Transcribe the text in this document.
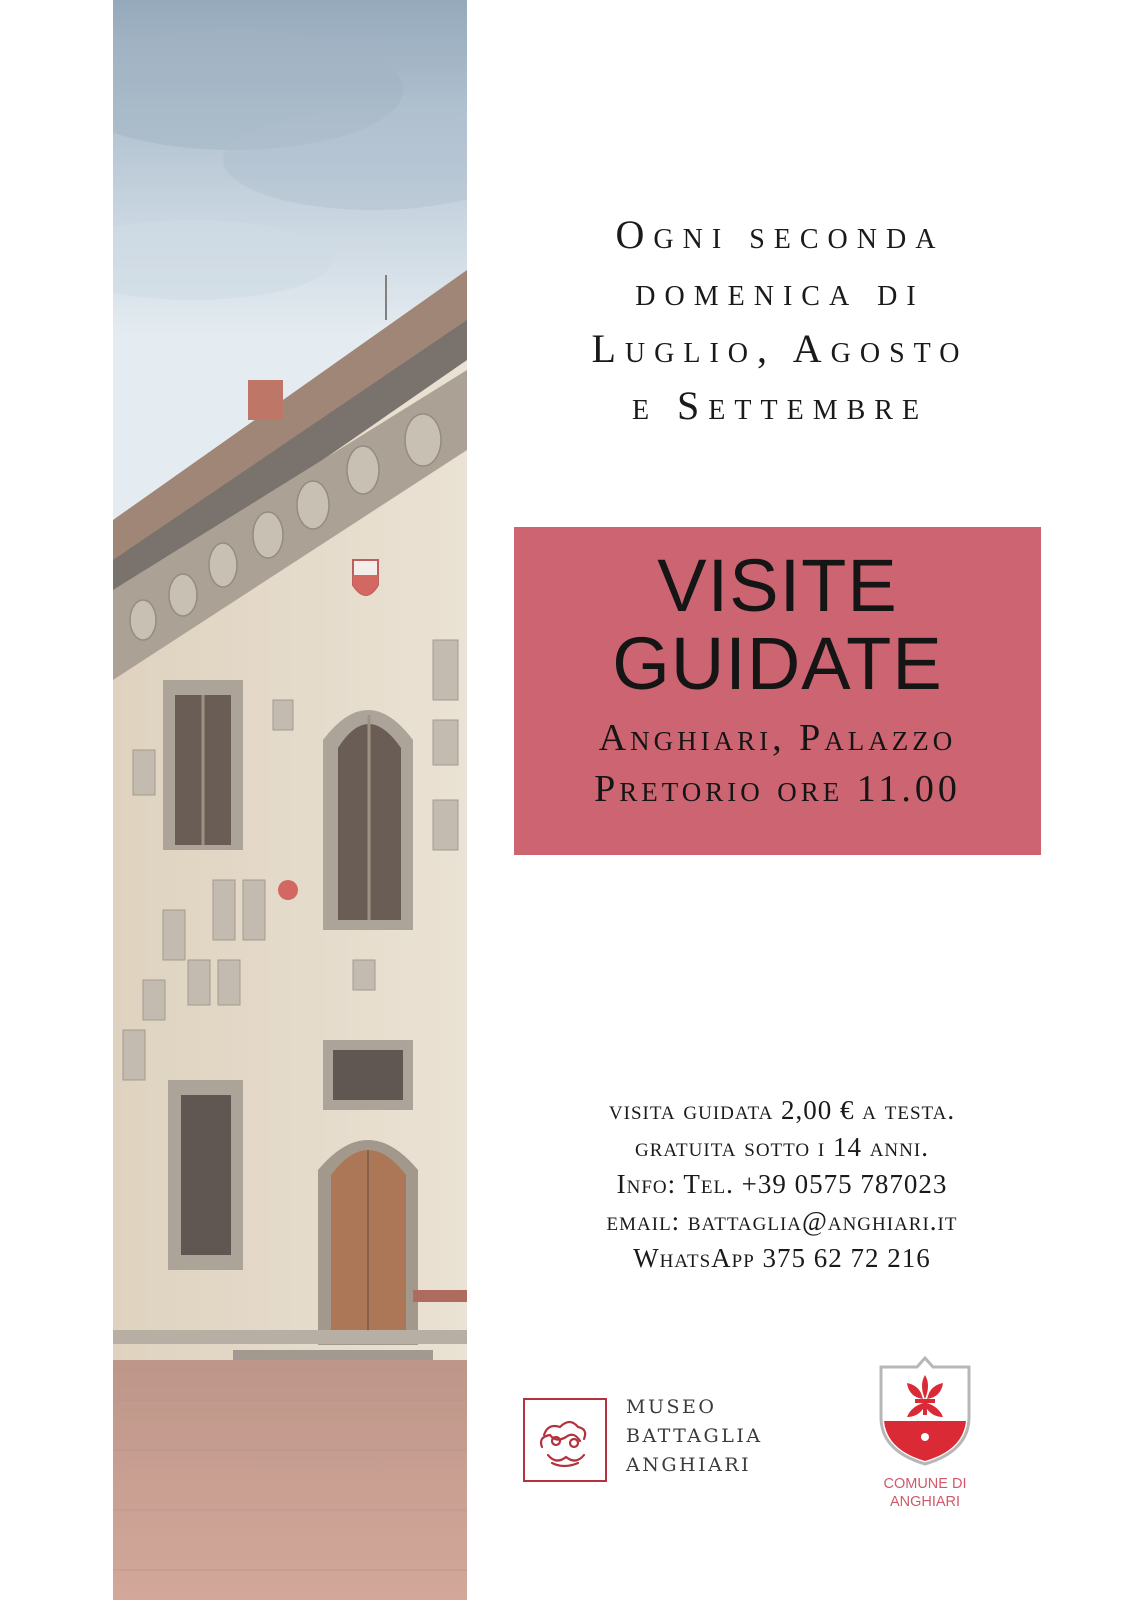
Ogni seconda
domenica di
Luglio, Agosto
e Settembre
VISITE
GUIDATE
Anghiari, Palazzo
Pretorio ore 11.00
visita guidata 2,00 € a testa.
gratuita sotto i 14 anni.
Info: Tel. +39 0575 787023
email: battaglia@anghiari.it
WhatsApp 375 62 72 216
MUSEO
BATTAGLIA
ANGHIARI
COMUNE DI
ANGHIARI
